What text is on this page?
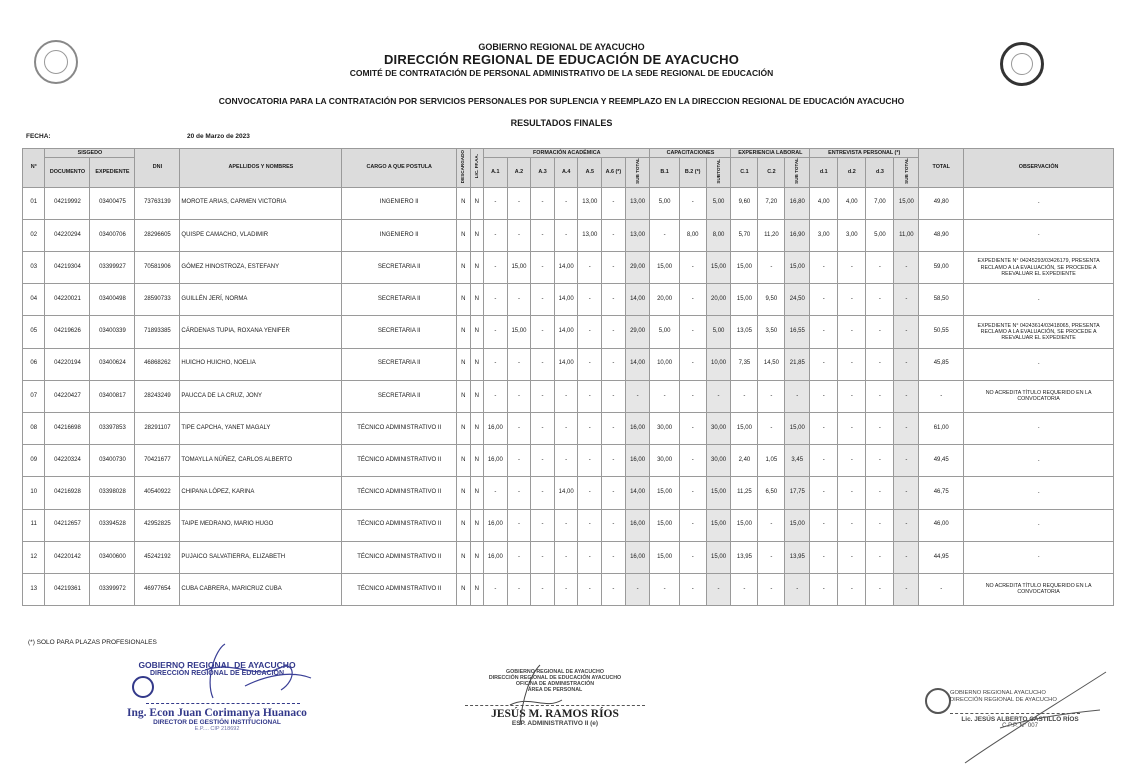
GOBIERNO REGIONAL DE AYACUCHO
DIRECCIÓN REGIONAL DE EDUCACIÓN DE AYACUCHO
COMITÉ DE CONTRATACIÓN DE PERSONAL ADMINISTRATIVO DE LA SEDE REGIONAL DE EDUCACIÓN
CONVOCATORIA PARA LA CONTRATACIÓN POR SERVICIOS PERSONALES POR SUPLENCIA Y REEMPLAZO EN LA DIRECCION REGIONAL DE EDUCACIÓN AYACUCHO
RESULTADOS FINALES
FECHA:	20 de Marzo de 2023
N°	SISGEDO		DNI	APELLIDOS Y NOMBRES	CARGO A QUE POSTULA	DESCARGADO	LIC. FF.AA.	FORMACIÓN ACADÉMICA							CAPACITACIONES			EXPERIENCIA LABORAL			ENTREVISTA PERSONAL (*)				TOTAL	OBSERVACIÓN
	DOCUMENTO	EXPEDIENTE						A.1	A.2	A.3	A.4	A.5	A.6 (*)	SUB TOTAL	B.1	B.2 (*)	SUBTOTAL	C.1	C.2	SUB TOTAL	d.1	d.2	d.3	SUB TOTAL		
01	04219992	03400475	73763139	MOROTE ARIAS, CARMEN VICTORIA	INGENIERO II	N	N	-	-	-	-	13,00	-	13,00	5,00	-	5,00	9,60	7,20	16,80	4,00	4,00	7,00	15,00	49,80	-
02	04220294	03400706	28296605	QUISPE CAMACHO, VLADIMIR	INGENIERO II	N	N	-	-	-	-	13,00	-	13,00	-	8,00	8,00	5,70	11,20	16,90	3,00	3,00	5,00	11,00	48,90	-
03	04219304	03399927	70581906	GÓMEZ HINOSTROZA, ESTEFANY	SECRETARIA II	N	N	-	15,00	-	14,00	-	-	29,00	15,00	-	15,00	15,00	-	15,00	-	-	-	-	59,00	EXPEDIENTE N° 04245293/03426179, PRESENTA RECLAMO A LA EVALUACIÓN, SE PROCEDE A REEVALUAR EL EXPEDIENTE
04	04220021	03400498	28590733	GUILLÉN JERÍ, NORMA	SECRETARIA II	N	N	-	-	-	14,00	-	-	14,00	20,00	-	20,00	15,00	9,50	24,50	-	-	-	-	58,50	-
05	04219626	03400339	71893385	CÁRDENAS TUPIA, ROXANA YENIFER	SECRETARIA II	N	N	-	15,00	-	14,00	-	-	29,00	5,00	-	5,00	13,05	3,50	16,55	-	-	-	-	50,55	EXPEDIENTE N° 04243614/03418065, PRESENTA RECLAMO A LA EVALUACIÓN, SE PROCEDE A REEVALUAR EL EXPEDIENTE
06	04220194	03400624	46868262	HUICHO HUICHO, NOELIA	SECRETARIA II	N	N	-	-	-	14,00	-	-	14,00	10,00	-	10,00	7,35	14,50	21,85	-	-	-	-	45,85	-
07	04220427	03400817	28243249	PAUCCA DE LA CRUZ, JONY	SECRETARIA II	N	N	-	-	-	-	-	-	-	-	-	-	-	-	-	-	-	-	-	-	NO ACREDITA TÍTULO REQUERIDO EN LA CONVOCATORIA
08	04216698	03397853	28291107	TIPE CAPCHA, YANET MAGALY	TÉCNICO ADMINISTRATIVO II	N	N	16,00	-	-	-	-	-	16,00	30,00	-	30,00	15,00	-	15,00	-	-	-	-	61,00	-
09	04220324	03400730	70421677	TOMAYLLA NÚÑEZ, CARLOS ALBERTO	TÉCNICO ADMINISTRATIVO II	N	N	16,00	-	-	-	-	-	16,00	30,00	-	30,00	2,40	1,05	3,45	-	-	-	-	49,45	-
10	04216928	03398028	40540922	CHIPANA LÓPEZ, KARINA	TÉCNICO ADMINISTRATIVO II	N	N	-	-	-	14,00	-	-	14,00	15,00	-	15,00	11,25	6,50	17,75	-	-	-	-	46,75	-
11	04212657	03394528	42952825	TAIPE MEDRANO, MARIO HUGO	TÉCNICO ADMINISTRATIVO II	N	N	16,00	-	-	-	-	-	16,00	15,00	-	15,00	15,00	-	15,00	-	-	-	-	46,00	-
12	04220142	03400600	45242192	PUJAICO SALVATIERRA, ELIZABETH	TÉCNICO ADMINISTRATIVO II	N	N	16,00	-	-	-	-	-	16,00	15,00	-	15,00	13,95	-	13,95	-	-	-	-	44,95	-
13	04219361	03399972	46977654	CUBA CABRERA, MARICRUZ CUBA	TÉCNICO ADMINISTRATIVO II	N	N	-	-	-	-	-	-	-	-	-	-	-	-	-	-	-	-	-	-	NO ACREDITA TÍTULO REQUERIDO EN LA CONVOCATORIA
(*) SOLO PARA PLAZAS PROFESIONALES
GOBIERNO REGIONAL DE AYACUCHO
DIRECCIÓN REGIONAL DE EDUCACIÓN
Ing. Econ Juan Corimanya Huanaco
DIRECTOR DE GESTIÓN INSTITUCIONAL
E.P.... CIP 218692
GOBIERNO REGIONAL DE AYACUCHO
DIRECCIÓN REGIONAL DE EDUCACIÓN AYACUCHO
OFICINA DE ADMINISTRACIÓN
ÁREA DE PERSONAL
JESÚS M. RAMOS RÍOS
ESP. ADMINISTRATIVO II (e)
GOBIERNO REGIONAL AYACUCHO
DIRECCIÓN REGIONAL DE AYACUCHO
Lic. JESÚS ALBERTO CASTILLO RÍOS
C.P.P. N° 007
